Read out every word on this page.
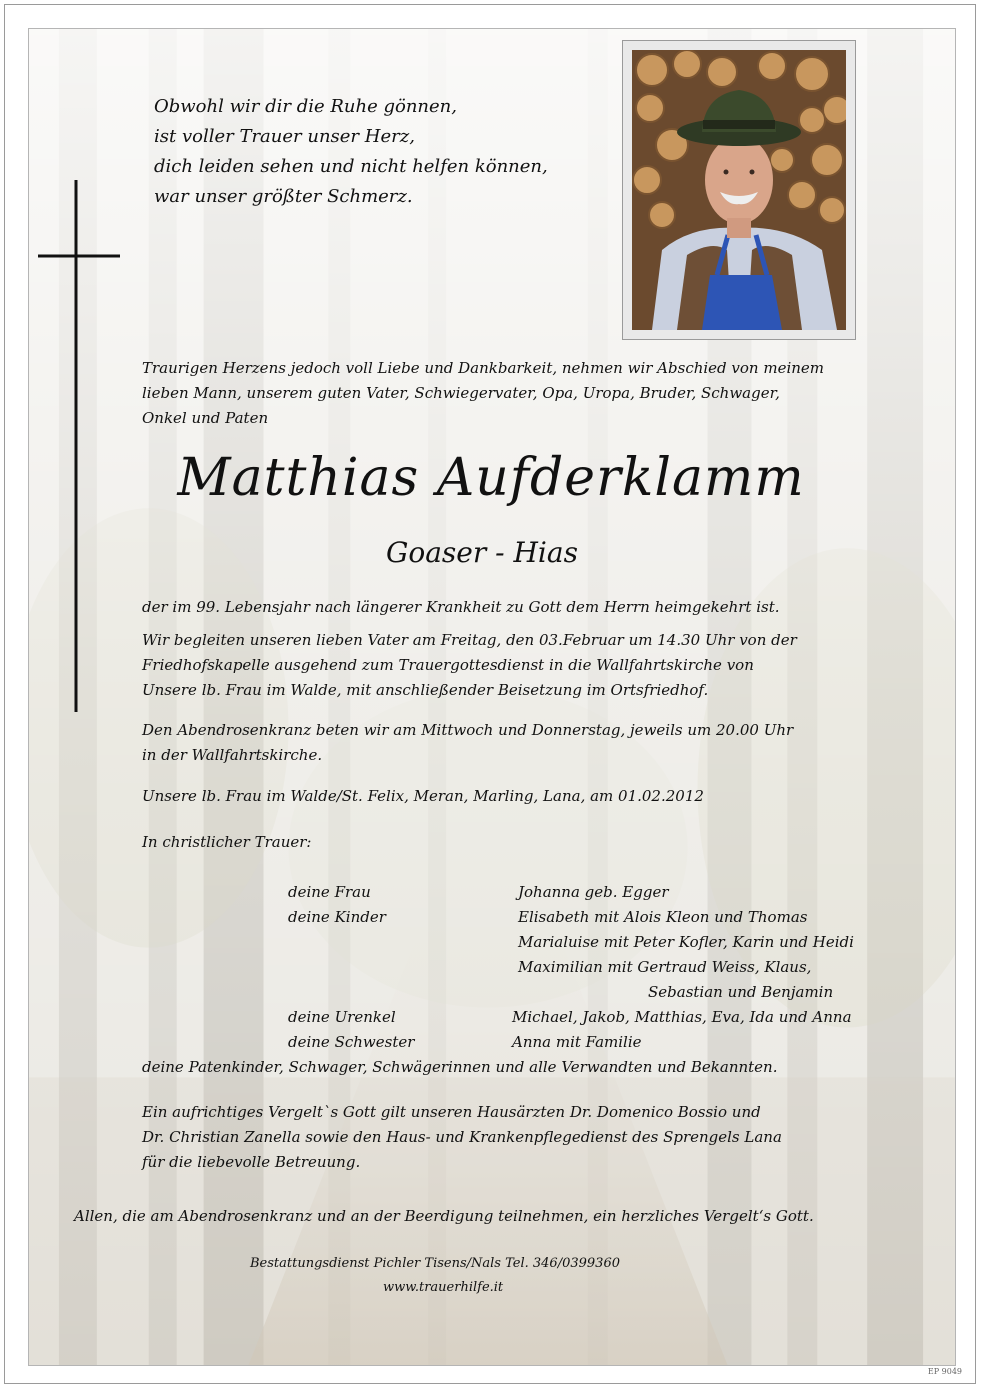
Obwohl wir dir die Ruhe gönnen,
ist voller Trauer unser Herz,
dich leiden sehen und nicht helfen können,
war unser größter Schmerz.
Traurigen Herzens jedoch voll Liebe und Dankbarkeit, nehmen wir Abschied von meinem
lieben Mann, unserem guten Vater, Schwiegervater, Opa, Uropa, Bruder, Schwager,
Onkel und Paten
Matthias Aufderklamm
Goaser - Hias
der im 99. Lebensjahr nach längerer Krankheit zu Gott dem Herrn heimgekehrt ist.
Wir begleiten unseren lieben Vater am Freitag, den 03.Februar um 14.30 Uhr von der
Friedhofskapelle ausgehend zum Trauergottesdienst in die Wallfahrtskirche von
Unsere lb. Frau im Walde, mit anschließender Beisetzung im Ortsfriedhof.
Den Abendrosenkranz beten wir am Mittwoch und Donnerstag, jeweils um 20.00 Uhr
in der Wallfahrtskirche.
Unsere lb. Frau im Walde/St. Felix, Meran, Marling, Lana, am 01.02.2012
In christlicher Trauer:
deine Frau	Johanna geb. Egger
deine Kinder	Elisabeth mit Alois Kleon und Thomas
Marialuise mit Peter Kofler, Karin und Heidi
Maximilian mit Gertraud Weiss, Klaus,
Sebastian und Benjamin
deine Urenkel	Michael, Jakob, Matthias, Eva, Ida und Anna
deine Schwester	Anna mit Familie
deine Patenkinder, Schwager, Schwägerinnen und alle Verwandten und Bekannten.
Ein aufrichtiges Vergelt`s Gott gilt unseren Hausärzten Dr. Domenico Bossio und
Dr. Christian Zanella sowie den Haus- und Krankenpflegedienst des Sprengels Lana
für die liebevolle Betreuung.
Allen, die am Abendrosenkranz und an der Beerdigung teilnehmen, ein herzliches Vergelt‘s Gott.
Bestattungsdienst Pichler Tisens/Nals Tel. 346/0399360
www.trauerhilfe.it
EP 9049
